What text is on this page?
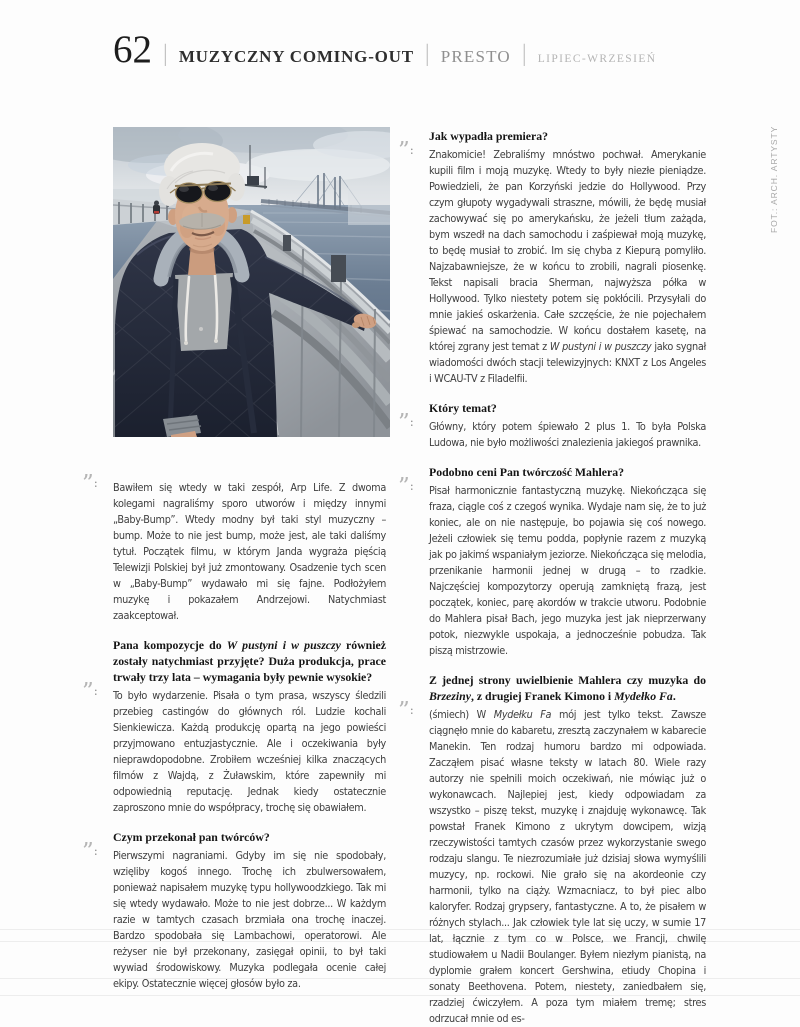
62 | MUZYCZNY COMING-OUT | PRESTO | LIPIEC-WRZESIEŃ
FOT.: ARCH. ARTYSTY
”: Bawiłem się wtedy w taki zespół, Arp Life. Z dwoma kolegami nagraliśmy sporo utworów i między innymi „Baby-Bump”. Wtedy modny był taki styl muzyczny – bump. Może to nie jest bump, może jest, ale taki daliśmy tytuł. Początek filmu, w którym Janda wygraża pięścią Telewizji Polskiej był już zmontowany. Osadzenie tych scen w „Baby-Bump” wydawało mi się fajne. Podłożyłem muzykę i pokazałem Andrzejowi. Natychmiast zaakceptował.

Pana kompozycje do W pustyni i w puszczy również zostały natychmiast przyjęte? Duża produkcja, prace trwały trzy lata – wymagania były pewnie wysokie?

”: To było wydarzenie. Pisała o tym prasa, wszyscy śledzili przebieg castingów do głównych ról. Ludzie kochali Sienkiewicza. Każdą produkcję opartą na jego powieści przyjmowano entuzjastycznie. Ale i oczekiwania były nieprawdopodobne. Zrobiłem wcześniej kilka znaczących filmów z Wajdą, z Żuławskim, które zapewniły mi odpowiednią reputację. Jednak kiedy ostatecznie zaproszono mnie do współpracy, trochę się obawiałem.

Czym przekonał pan twórców?

”: Pierwszymi nagraniami. Gdyby im się nie spodobały, wzięliby kogoś innego. Trochę ich zbulwersowałem, ponieważ napisałem muzykę typu hollywoodzkiego. Tak mi się wtedy wydawało. Może to nie jest dobrze... W każdym razie w tamtych czasach brzmiała ona trochę inaczej. Bardzo spodobała się Lambachowi, operatorowi. Ale reżyser nie był przekonany, zasięgał opinii, to był taki wywiad środowiskowy. Muzyka podlegała ocenie całej ekipy. Ostatecznie więcej głosów było za.

Jak wypadła premiera?

”: Znakomicie! Zebraliśmy mnóstwo pochwał. Amerykanie kupili film i moją muzykę. Wtedy to były niezłe pieniądze. Powiedzieli, że pan Korzyński jedzie do Hollywood. Przy czym głupoty wygadywali straszne, mówili, że będę musiał zachowywać się po amerykańsku, że jeżeli tłum zażąda, bym wszedł na dach samochodu i zaśpiewał moją muzykę, to będę musiał to zrobić. Im się chyba z Kiepurą pomyliło. Najzabawniejsze, że w końcu to zrobili, nagrali piosenkę. Tekst napisali bracia Sherman, najwyższa półka w Hollywood. Tylko niestety potem się pokłócili. Przysyłali do mnie jakieś oskarżenia. Całe szczęście, że nie pojechałem śpiewać na samochodzie. W końcu dostałem kasetę, na której zgrany jest temat z W pustyni i w puszczy jako sygnał wiadomości dwóch stacji telewizyjnych: KNXT z Los Angeles i WCAU-TV z Filadelfii.

Który temat?

”: Główny, który potem śpiewało 2 plus 1. To była Polska Ludowa, nie było możliwości znalezienia jakiegoś prawnika.

Podobno ceni Pan twórczość Mahlera?

”: Pisał harmonicznie fantastyczną muzykę. Niekończąca się fraza, ciągle coś z czegoś wynika. Wydaje nam się, że to już koniec, ale on nie następuje, bo pojawia się coś nowego. Jeżeli człowiek się temu podda, popłynie razem z muzyką jak po jakimś wspaniałym jeziorze. Niekończąca się melodia, przenikanie harmonii jednej w drugą – to rzadkie. Najczęściej kompozytorzy operują zamkniętą frazą, jest początek, koniec, parę akordów w trakcie utworu. Podobnie do Mahlera pisał Bach, jego muzyka jest jak nieprzerwany potok, niezwykle uspokaja, a jednocześnie pobudza. Tak piszą mistrzowie.

Z jednej strony uwielbienie Mahlera czy muzyka do Brzeziny, z drugiej Franek Kimono i Mydełko Fa.

”: (śmiech) W Mydełku Fa mój jest tylko tekst. Zawsze ciągnęło mnie do kabaretu, zresztą zaczynałem w kabarecie Manekin. Ten rodzaj humoru bardzo mi odpowiada. Zacząłem pisać własne teksty w latach 80. Wiele razy autorzy nie spełnili moich oczekiwań, nie mówiąc już o wykonawcach. Najlepiej jest, kiedy odpowiadam za wszystko – piszę tekst, muzykę i znajduję wykonawcę. Tak powstał Franek Kimono z ukrytym dowcipem, wizją rzeczywistości tamtych czasów przez wykorzystanie swego rodzaju slangu. Te niezrozumiałe już dzisiaj słowa wymyślili muzycy, np. rockowi. Nie grało się na akordeonie czy harmonii, tylko na ciąży. Wzmacniacz, to był piec albo kaloryfer. Rodzaj grypsery, fantastyczne. A to, że pisałem w różnych stylach... Jak człowiek tyle lat się uczy, w sumie 17 lat, łącznie z tym co w Polsce, we Francji, chwilę studiowałem u Nadii Boulanger. Byłem niezłym pianistą, na dyplomie grałem koncert Gershwina, etiudy Chopina i sonaty Beethovena. Potem, niestety, zaniedbałem się, rzadziej ćwiczyłem. A poza tym miałem tremę; stres odrzucał mnie od es-
